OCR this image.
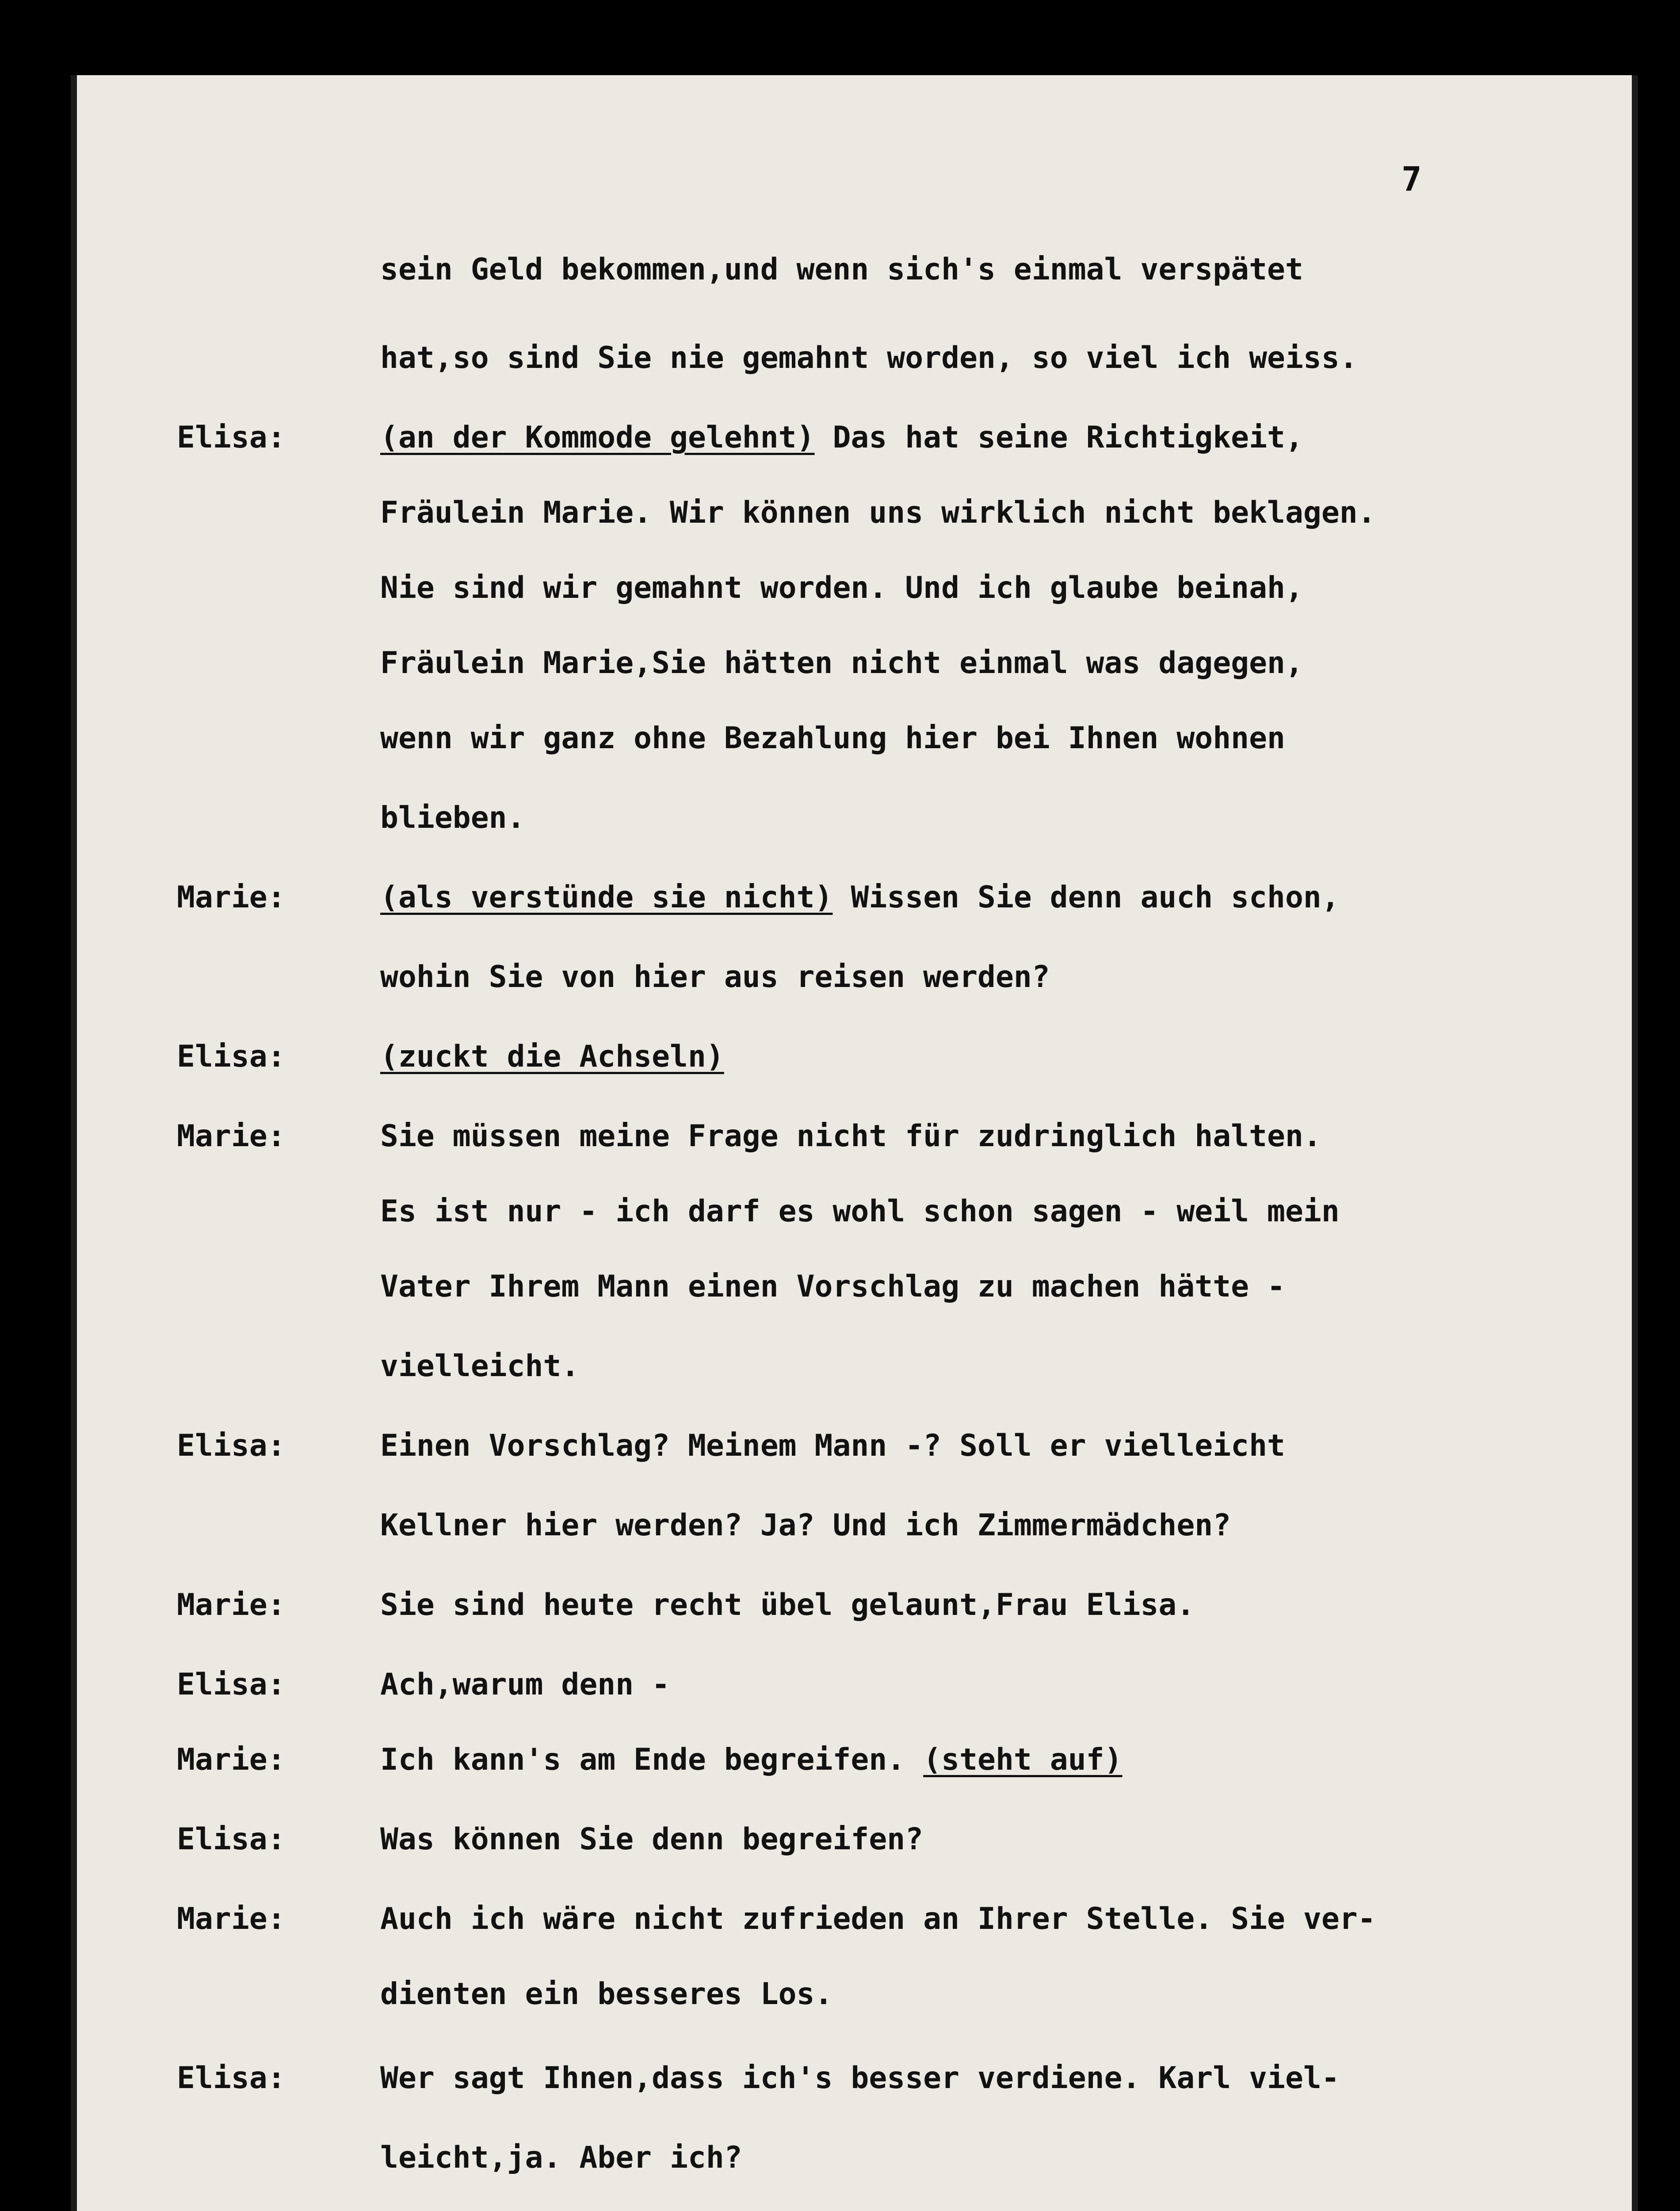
7
sein Geld bekommen,und wenn sich's einmal verspätet
hat,so sind Sie nie gemahnt worden, so viel ich weiss.
Elisa:	(an der Kommode gelehnt) Das hat seine Richtigkeit,
Fräulein Marie. Wir können uns wirklich nicht beklagen.
Nie sind wir gemahnt worden. Und ich glaube beinah,
Fräulein Marie,Sie hätten nicht einmal was dagegen,
wenn wir ganz ohne Bezahlung hier bei Ihnen wohnen
blieben.
Marie:	(als verstünde sie nicht) Wissen Sie denn auch schon,
wohin Sie von hier aus reisen werden?
Elisa:	(zuckt die Achseln)
Marie:	Sie müssen meine Frage nicht für zudringlich halten.
Es ist nur - ich darf es wohl schon sagen - weil mein
Vater Ihrem Mann einen Vorschlag zu machen hätte -
vielleicht.
Elisa:	Einen Vorschlag? Meinem Mann -? Soll er vielleicht
Kellner hier werden? Ja? Und ich Zimmermädchen?
Marie:	Sie sind heute recht übel gelaunt,Frau Elisa.
Elisa:	Ach,warum denn -
Marie:	Ich kann's am Ende begreifen. (steht auf)
Elisa:	Was können Sie denn begreifen?
Marie:	Auch ich wäre nicht zufrieden an Ihrer Stelle. Sie ver-
dienten ein besseres Los.
Elisa:	Wer sagt Ihnen,dass ich's besser verdiene. Karl viel-
leicht,ja. Aber ich?
